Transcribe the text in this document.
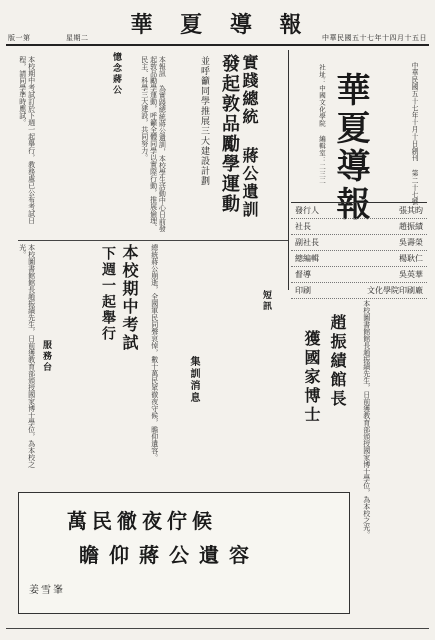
中華民國五十七年十四月十五日
華 夏 導 報
星期二
版一第
中華民國五十七年十月十日創刊 第二十七號
華夏導報
社址：中國文化學院 編輯室：二三二
發行人	張其昀
社長	趙振績
副社長	吳壽榮
總編輯	楊耿仁
督導	吳英華
印刷	文化學院印刷廠
實踐總統 蔣公遺訓
發起敦品勵學運動
並呼籲同學推展三大建設計劃
本報訊 為實踐總統蔣公遺訓，本校學生活動中心日前發起敦品勵學運動，呼籲全體同學以實際行動，推展倫理、民主、科學三大建設，共同努力。
本校期中考試訂於下週一起舉行，教務處已公布考試日程，請同學準時應試。	憶念蔣公
本校期中考試
下週一起舉行
本校圖書館館長趙振績先生，日前獲教育部頒授國家博士學位，為本校之光。
服務台
短訊
集訓消息
總統蔣公崩逝，全國軍民同聲哀悼，數十萬民眾徹夜守候，瞻仰遺容。	趙振績館長
獲國家博士	本校圖書館館長趙振績先生，日前獲教育部頒授國家博士學位，為本校之光。
萬民徹夜佇候
瞻仰蔣公遺容
姜雪峯
